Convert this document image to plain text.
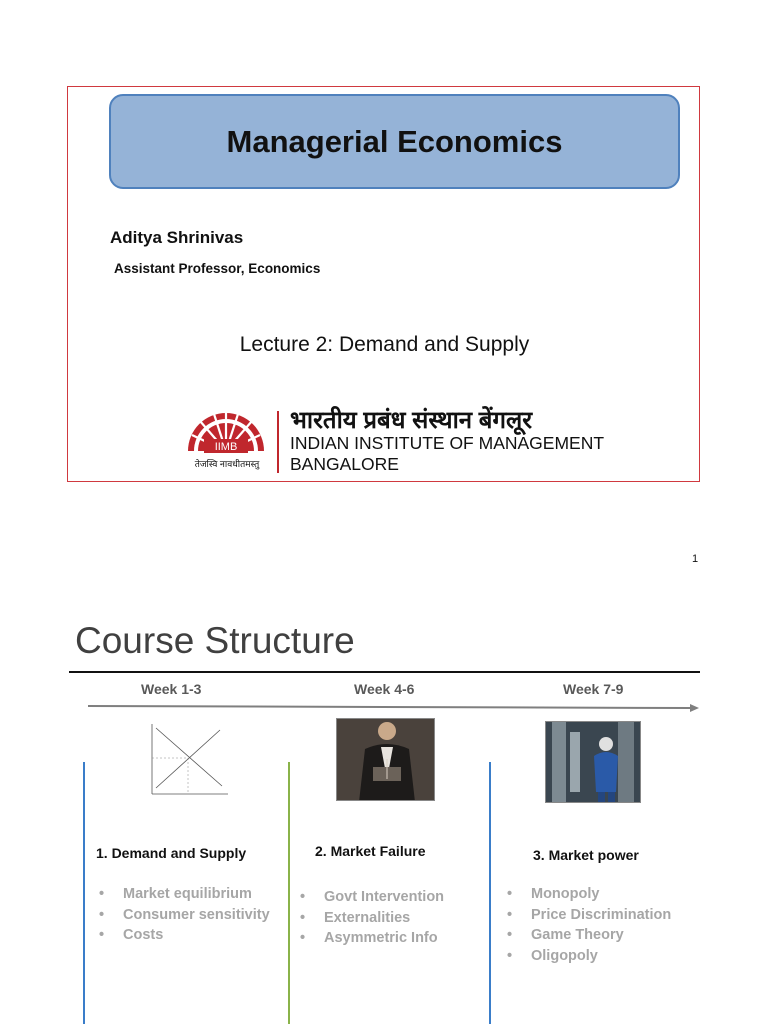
Managerial Economics
Aditya Shrinivas
Assistant Professor, Economics
Lecture 2: Demand and Supply
IIMB
भारतीय प्रबंध संस्थान बेंगलूर
INDIAN INSTITUTE OF MANAGEMENT
BANGALORE
तेजस्वि नावधीतमस्तु
1
Course Structure
Week 1-3	Week 4-6	Week 7-9
1. Demand and Supply
• Market equilibrium
• Consumer sensitivity
• Costs
2. Market Failure
• Govt Intervention
• Externalities
• Asymmetric Info
3. Market power
• Monopoly
• Price Discrimination
• Game Theory
• Oligopoly
